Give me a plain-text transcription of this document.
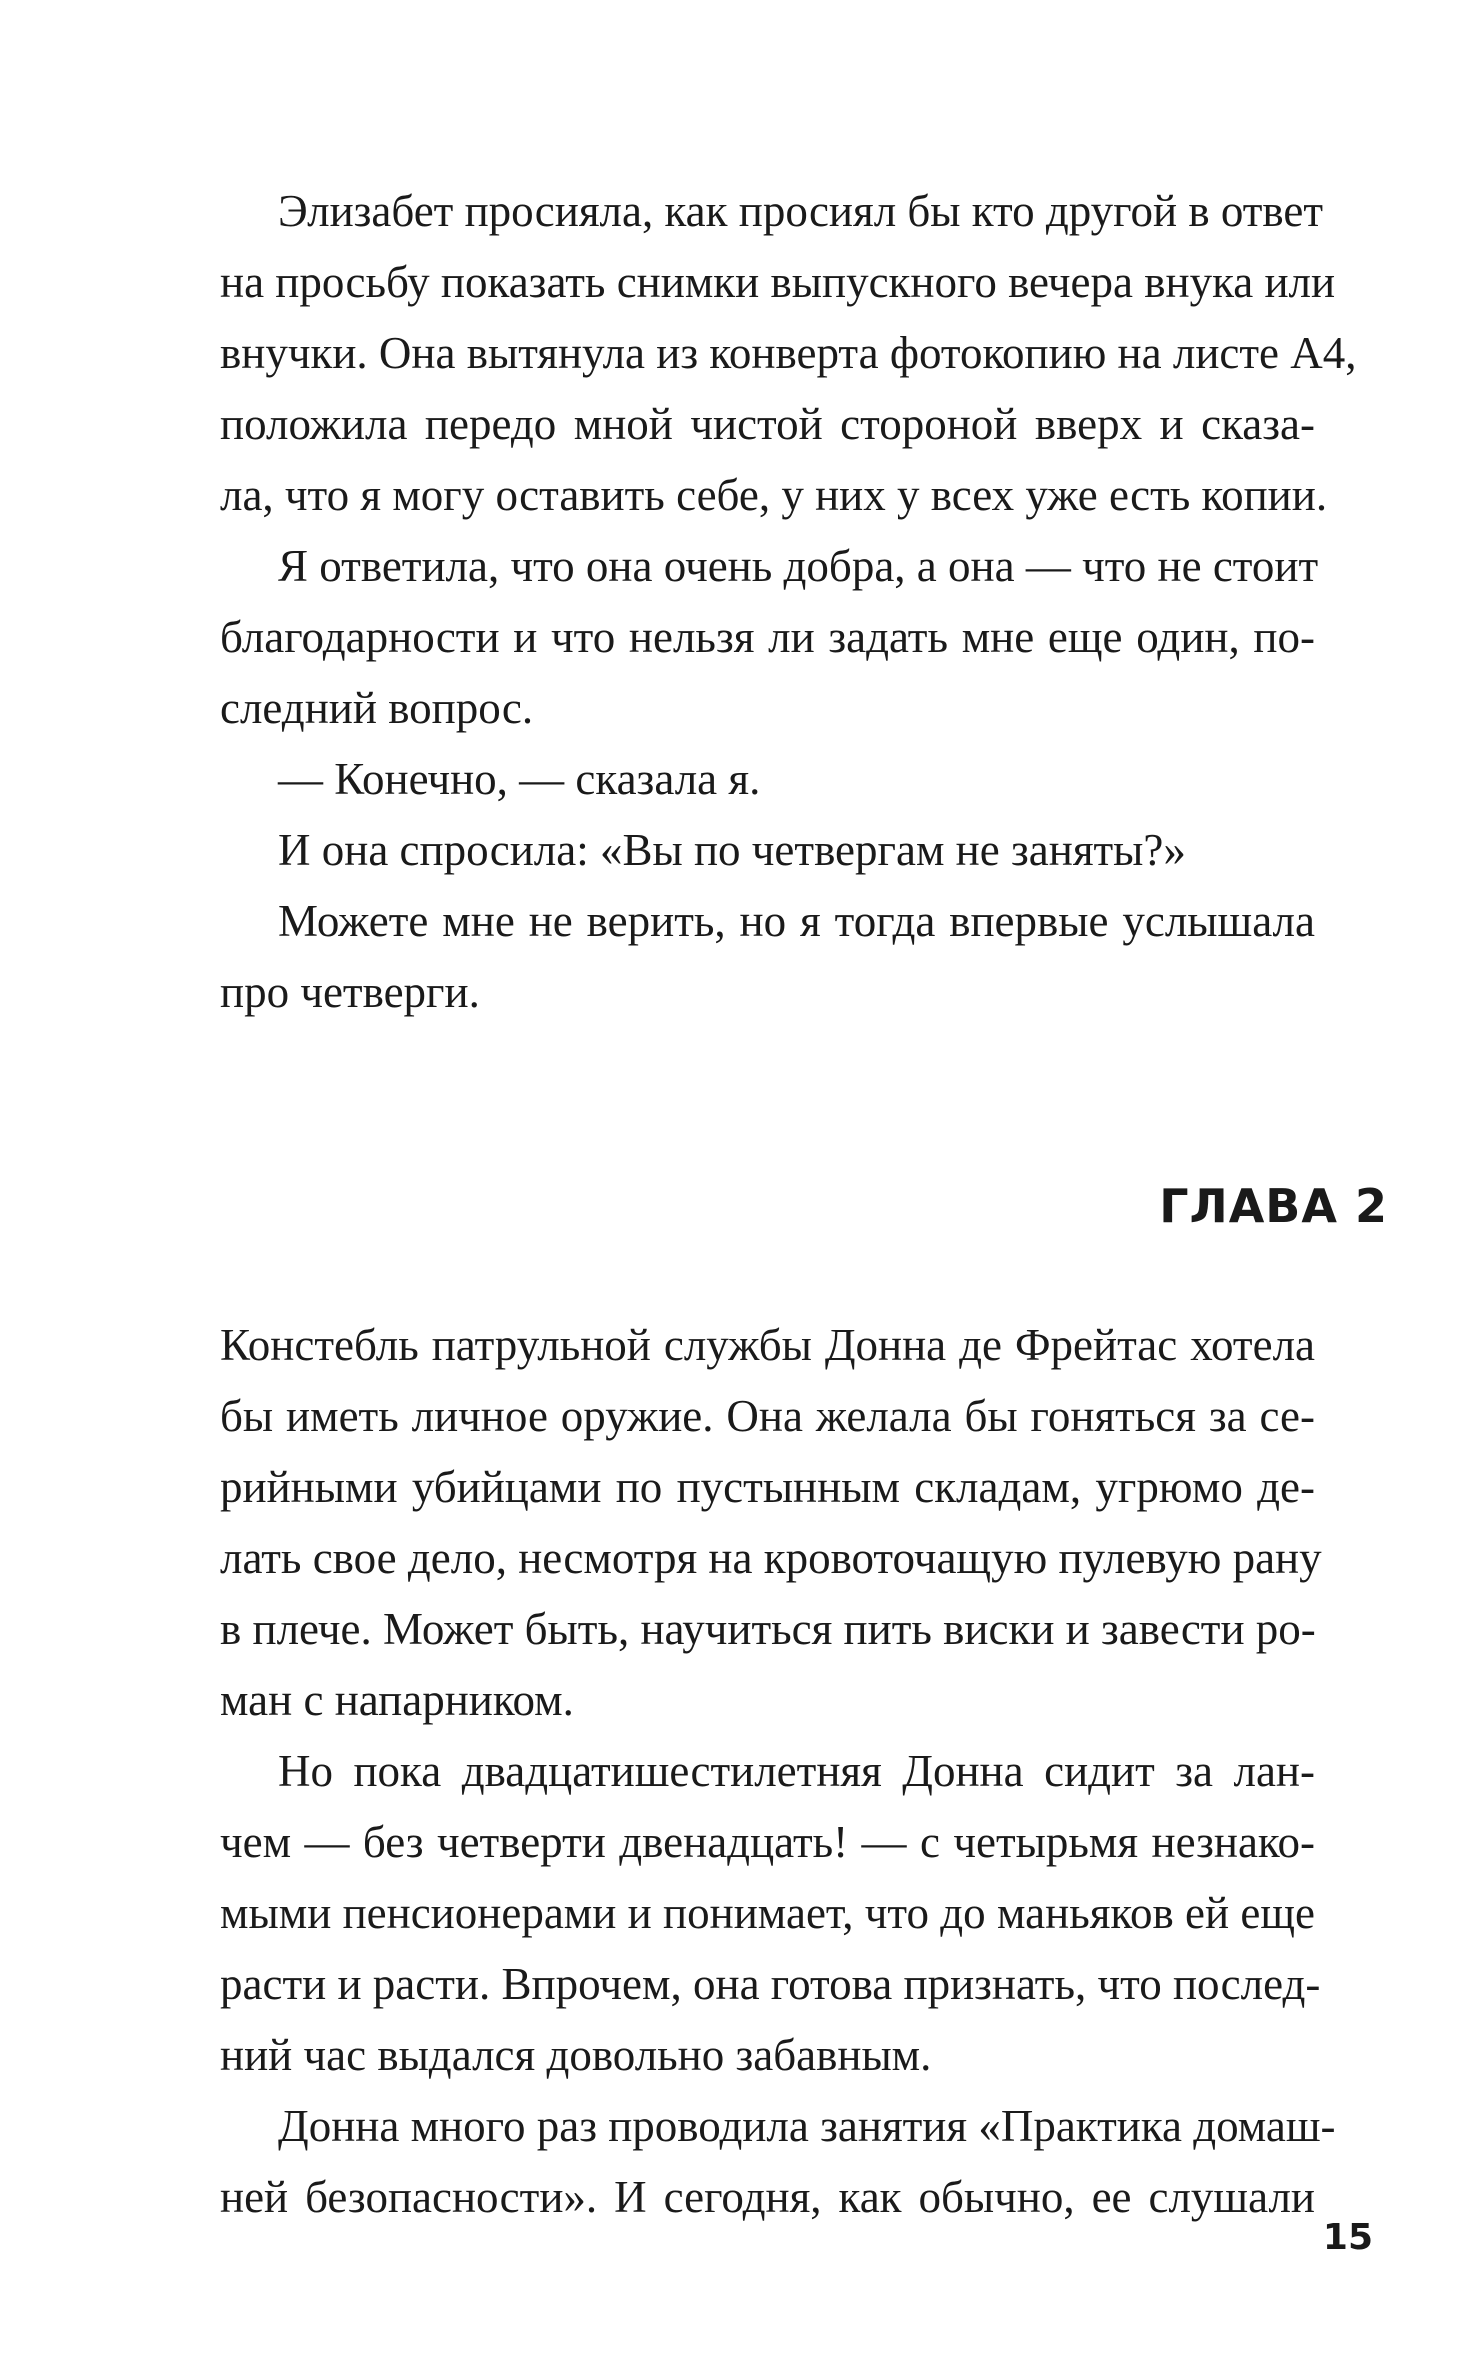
Элизабет просияла, как просиял бы кто другой в ответ
на просьбу показать снимки выпускного вечера внука или
внучки. Она вытянула из конверта фотокопию на листе А4,
положила передо мной чистой стороной вверх и сказа-
ла, что я могу оставить себе, у них у всех уже есть копии.
Я ответила, что она очень добра, а она — что не стоит
благодарности и что нельзя ли задать мне еще один, по-
следний вопрос.
— Конечно, — сказала я.
И она спросила: «Вы по четвергам не заняты?»
Можете мне не верить, но я тогда впервые услышала
про четверги.
ГЛАВА 2
Констебль патрульной службы Донна де Фрейтас хотела
бы иметь личное оружие. Она желала бы гоняться за се-
рийными убийцами по пустынным складам, угрюмо де-
лать свое дело, несмотря на кровоточащую пулевую рану
в плече. Может быть, научиться пить виски и завести ро-
ман с напарником.
Но пока двадцатишестилетняя Донна сидит за лан-
чем — без четверти двенадцать! — с четырьмя незнако-
мыми пенсионерами и понимает, что до маньяков ей еще
расти и расти. Впрочем, она готова признать, что послед-
ний час выдался довольно забавным.
Донна много раз проводила занятия «Практика домаш-
ней безопасности». И сегодня, как обычно, ее слушали
15
